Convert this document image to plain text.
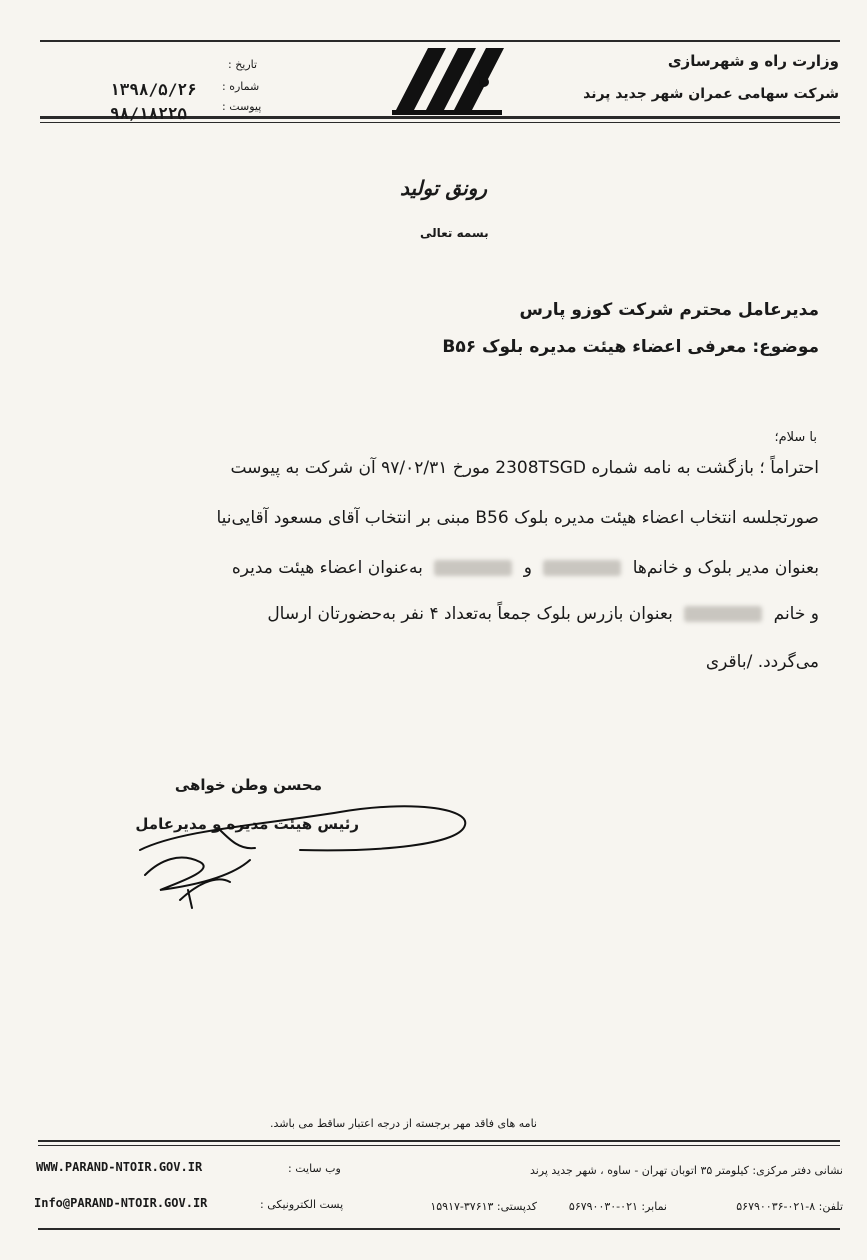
وزارت راه و شهرسازی
شرکت سهامی عمران شهر جدید پرند
تاریخ :
شماره :
پیوست :
۱۳۹۸/۵/۲۶
۹۸/۱۸۲۲۵
رونق تولید
بسمه تعالی
مدیرعامل محترم شرکت کوزو پارس
موضوع: معرفی اعضاء هیئت مدیره بلوک B۵۶
با سلام؛
احتراماً ؛ بازگشت به نامه شماره 2308TSGD مورخ ۹۷/۰۲/۳۱ آن شرکت به پیوست
صورتجلسه انتخاب اعضاء هیئت مدیره بلوک B56 مبنی بر انتخاب آقای مسعود آقایی‌نیا
بعنوان مدیر بلوک و خانم‌ها  و  به‌عنوان اعضاء هیئت مدیره
و خانم  بعنوان بازرس بلوک جمعاً به‌تعداد ۴ نفر به‌حضورتان ارسال
می‌گردد. /باقری
محسن وطن خواهی
رئیس هیئت مدیره و مدیرعامل
نامه های فاقد مهر برجسته از درجه اعتبار ساقط می باشد.
WWW.PARAND-NTOIR.GOV.IR	وب سایت :
Info@PARAND-NTOIR.GOV.IR	پست الکترونیکی :
نشانی دفتر مرکزی: کیلومتر ۳۵ اتوبان تهران - ساوه ، شهر جدید پرند
تلفن: ۸-۰۲۱-۵۶۷۹۰۰۳۶
نمابر: ۰۲۱-۵۶۷۹۰۰۳۰
کدپستی: ۳۷۶۱۳-۱۵۹۱۷
